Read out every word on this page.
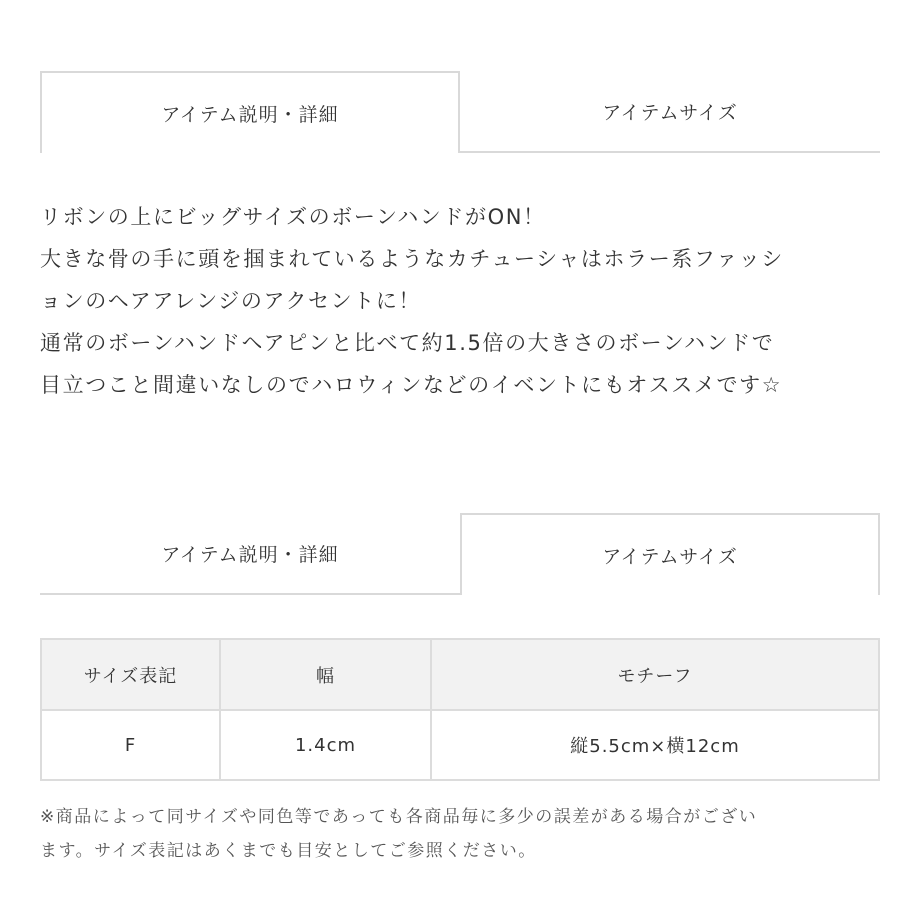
アイテム説明・詳細	アイテムサイズ

リボンの上にビッグサイズのボーンハンドがON！

大きな骨の手に頭を掴まれているようなカチューシャはホラー系ファッシ

ョンのヘアアレンジのアクセントに！

通常のボーンハンドヘアピンと比べて約1.5倍の大きさのボーンハンドで

目立つこと間違いなしのでハロウィンなどのイベントにもオススメです☆

アイテム説明・詳細	アイテムサイズ
サイズ表記	幅	モチーフ
F	1.4cm	縦5.5cm×横12cm

※商品によって同サイズや同色等であっても各商品毎に多少の誤差がある場合がござい

ます。サイズ表記はあくまでも目安としてご参照ください。
